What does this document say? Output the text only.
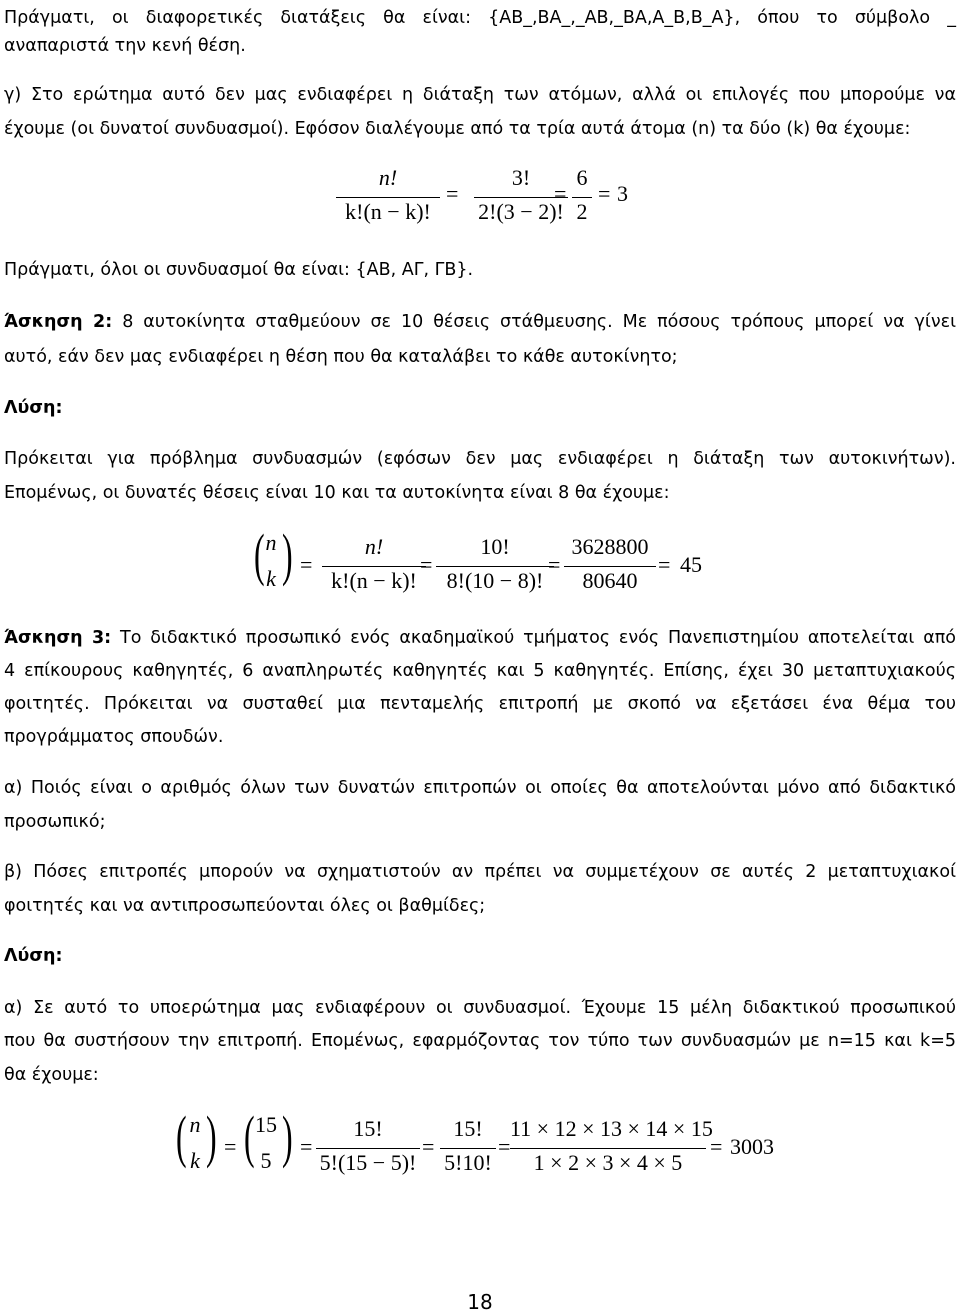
Πράγματι, οι διαφορετικές διατάξεις θα είναι: {ΑΒ_,ΒΑ_,_ΑΒ,_ΒΑ,Α_Β,Β_Α}, όπου το σύμβολο _

αναπαριστά την κενή θέση.

γ) Στο ερώτημα αυτό δεν μας ενδιαφέρει η διάταξη των ατόμων, αλλά οι επιλογές που μπορούμε να

έχουμε (οι δυνατοί συνδυασμοί). Εφόσον διαλέγουμε από τα τρία αυτά άτομα (n) τα δύο (k) θα έχουμε:

n!
k!(n − k)!
=
3!
2!(3 − 2)!
=
6
2
= 3

Πράγματι, όλοι οι συνδυασμοί θα είναι: {ΑΒ, ΑΓ, ΓΒ}.

Άσκηση 2: 8 αυτοκίνητα σταθμεύουν σε 10 θέσεις στάθμευσης. Με πόσους τρόπους μπορεί να γίνει

αυτό, εάν δεν μας ενδιαφέρει η θέση που θα καταλάβει το κάθε αυτοκίνητο;

Λύση:

Πρόκειται για πρόβλημα συνδυασμών (εφόσων δεν μας ενδιαφέρει η διάταξη των αυτοκινήτων).

Επομένως, οι δυνατές θέσεις είναι 10 και τα αυτοκίνητα είναι 8 θα έχουμε:

( n
k ) =
n!
k!(n − k)!
=
10!
8!(10 − 8)!
=
3628800
80640
= 45

Άσκηση 3: Το διδακτικό προσωπικό ενός ακαδημαϊκού τμήματος ενός Πανεπιστημίου αποτελείται από

4 επίκουρους καθηγητές, 6 αναπληρωτές καθηγητές και 5 καθηγητές. Επίσης, έχει 30 μεταπτυχιακούς

φοιτητές. Πρόκειται να συσταθεί μια πενταμελής επιτροπή με σκοπό να εξετάσει ένα θέμα του

προγράμματος σπουδών.

α) Ποιός είναι ο αριθμός όλων των δυνατών επιτροπών οι οποίες θα αποτελούνται μόνο από διδακτικό

προσωπικό;

β) Πόσες επιτροπές μπορούν να σχηματιστούν αν πρέπει να συμμετέχουν σε αυτές 2 μεταπτυχιακοί

φοιτητές και να αντιπροσωπεύονται όλες οι βαθμίδες;

Λύση:

α) Σε αυτό το υποερώτημα μας ενδιαφέρουν οι συνδυασμοί. Έχουμε 15 μέλη διδακτικού προσωπικού

που θα συστήσουν την επιτροπή. Επομένως, εφαρμόζοντας τον τύπο των συνδυασμών με n=15 και k=5

θα έχουμε:

( n
k ) = ( 15
5 ) =
15!
5!(15 − 5)!
=
15!
5!10!
=
11 × 12 × 13 × 14 × 15
1 × 2 × 3 × 4 × 5
= 3003
18
